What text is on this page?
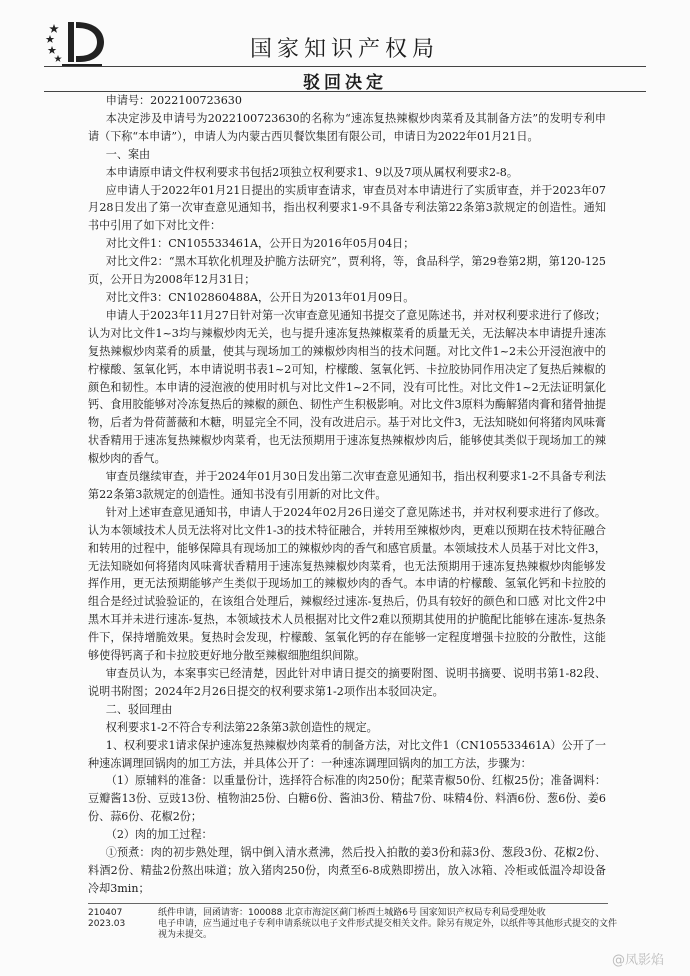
国家知识产权局
驳回决定

申请号：2022100723630

本决定涉及申请号为2022100723630的名称为“速冻复热辣椒炒肉菜肴及其制备方法”的发明专利申请（下称“本申请”），申请人为内蒙古西贝餐饮集团有限公司，申请日为2022年01月21日。

一、案由

本申请原申请文件权利要求书包括2项独立权利要求1、9以及7项从属权利要求2-8。

应申请人于2022年01月21日提出的实质审查请求，审查员对本申请进行了实质审查，并于2023年07月28日发出了第一次审查意见通知书，指出权利要求1-9不具备专利法第22条第3款规定的创造性。通知书中引用了如下对比文件：

对比文件1：CN105533461A，公开日为2016年05月04日；

对比文件2：“黑木耳软化机理及护脆方法研究”，贾利将，等，食品科学，第29卷第2期，第120-125页，公开日为2008年12月31日；

对比文件3：CN102860488A，公开日为2013年01月09日。

申请人于2023年11月27日针对第一次审查意见通知书提交了意见陈述书，并对权利要求进行了修改；认为对比文件1~3均与辣椒炒肉无关，也与提升速冻复热辣椒菜肴的质量无关，无法解决本申请提升速冻复热辣椒炒肉菜肴的质量，使其与现场加工的辣椒炒肉相当的技术问题。对比文件1~2未公开浸泡液中的柠檬酸、氢氧化钙，本申请说明书表1~2可知，柠檬酸、氢氧化钙、卡拉胶协同作用决定了复热后辣椒的颜色和韧性。本申请的浸泡液的使用时机与对比文件1~2不同，没有可比性。对比文件1~2无法证明氯化钙、食用胶能够对冷冻复热后的辣椒的颜色、韧性产生积极影响。对比文件3原料为酶解猪肉膏和猪骨抽提物，后者为骨荷蔷薇和木糖，明显完全不同，没有改进启示。基于对比文件3，无法知晓如何将猪肉风味膏状香精用于速冻复热辣椒炒肉菜肴，也无法预期用于速冻复热辣椒炒肉后，能够使其类似于现场加工的辣椒炒肉的香气。

审查员继续审查，并于2024年01月30日发出第二次审查意见通知书，指出权利要求1-2不具备专利法第22条第3款规定的创造性。通知书没有引用新的对比文件。

针对上述审查意见通知书，申请人于2024年02月26日递交了意见陈述书，并对权利要求进行了修改。认为本领域技术人员无法将对比文件1-3的技术特征融合，并转用至辣椒炒肉，更难以预期在技术特征融合和转用的过程中，能够保障具有现场加工的辣椒炒肉的香气和感官质量。本领域技术人员基于对比文件3，无法知晓如何将猪肉风味膏状香精用于速冻复热辣椒炒肉菜肴，也无法预期用于速冻复热辣椒炒肉能够发挥作用，更无法预期能够产生类似于现场加工的辣椒炒肉的香气。本申请的柠檬酸、氢氧化钙和卡拉胶的组合是经过试验验证的，在该组合处理后，辣椒经过速冻-复热后，仍具有较好的颜色和口感 对比文件2中黑木耳并未进行速冻-复热，本领域技术人员根据对比文件2难以预期其使用的护脆配比能够在速冻-复热条件下，保持增脆效果。复热时会发现，柠檬酸、氢氧化钙的存在能够一定程度增强卡拉胶的分散性，这能够使得钙离子和卡拉胶更好地分散至辣椒细胞组织间隙。

审查员认为，本案事实已经清楚，因此针对申请日提交的摘要附图、说明书摘要、说明书第1-82段、说明书附图；2024年2月26日提交的权利要求第1-2项作出本驳回决定。

二、驳回理由

权利要求1-2不符合专利法第22条第3款创造性的规定。

1、权利要求1请求保护速冻复热辣椒炒肉菜肴的制备方法，对比文件1（CN105533461A）公开了一种速冻调理回锅肉的加工方法，并具体公开了：一种速冻调理回锅肉的加工方法，步骤为：

（1）原辅料的准备：以重量份计，选择符合标准的肉250份；配菜青椒50份、红椒25份；准备调料：豆瓣酱13份、豆豉13份、植物油25份、白糖6份、酱油3份、精盐7份、味精4份、料酒6份、葱6份、姜6份、蒜6份、花椒2份；

（2）肉的加工过程：

①预煮：肉的初步熟处理，锅中倒入清水煮沸，然后投入拍散的姜3份和蒜3份、葱段3份、花椒2份、料酒2份、精盐2份熬出味道；放入猪肉250份，肉煮至6-8成熟即捞出，放入冰箱、冷柜或低温冷却设备冷却3min；

210407
2023.03
纸件申请，回函请寄：100088 北京市海淀区蓟门桥西土城路6号 国家知识产权局专利局受理处收
电子申请，应当通过电子专利申请系统以电子文件形式提交相关文件。除另有规定外，以纸件等其他形式提交的文件视为未提交。
@凤影焰
